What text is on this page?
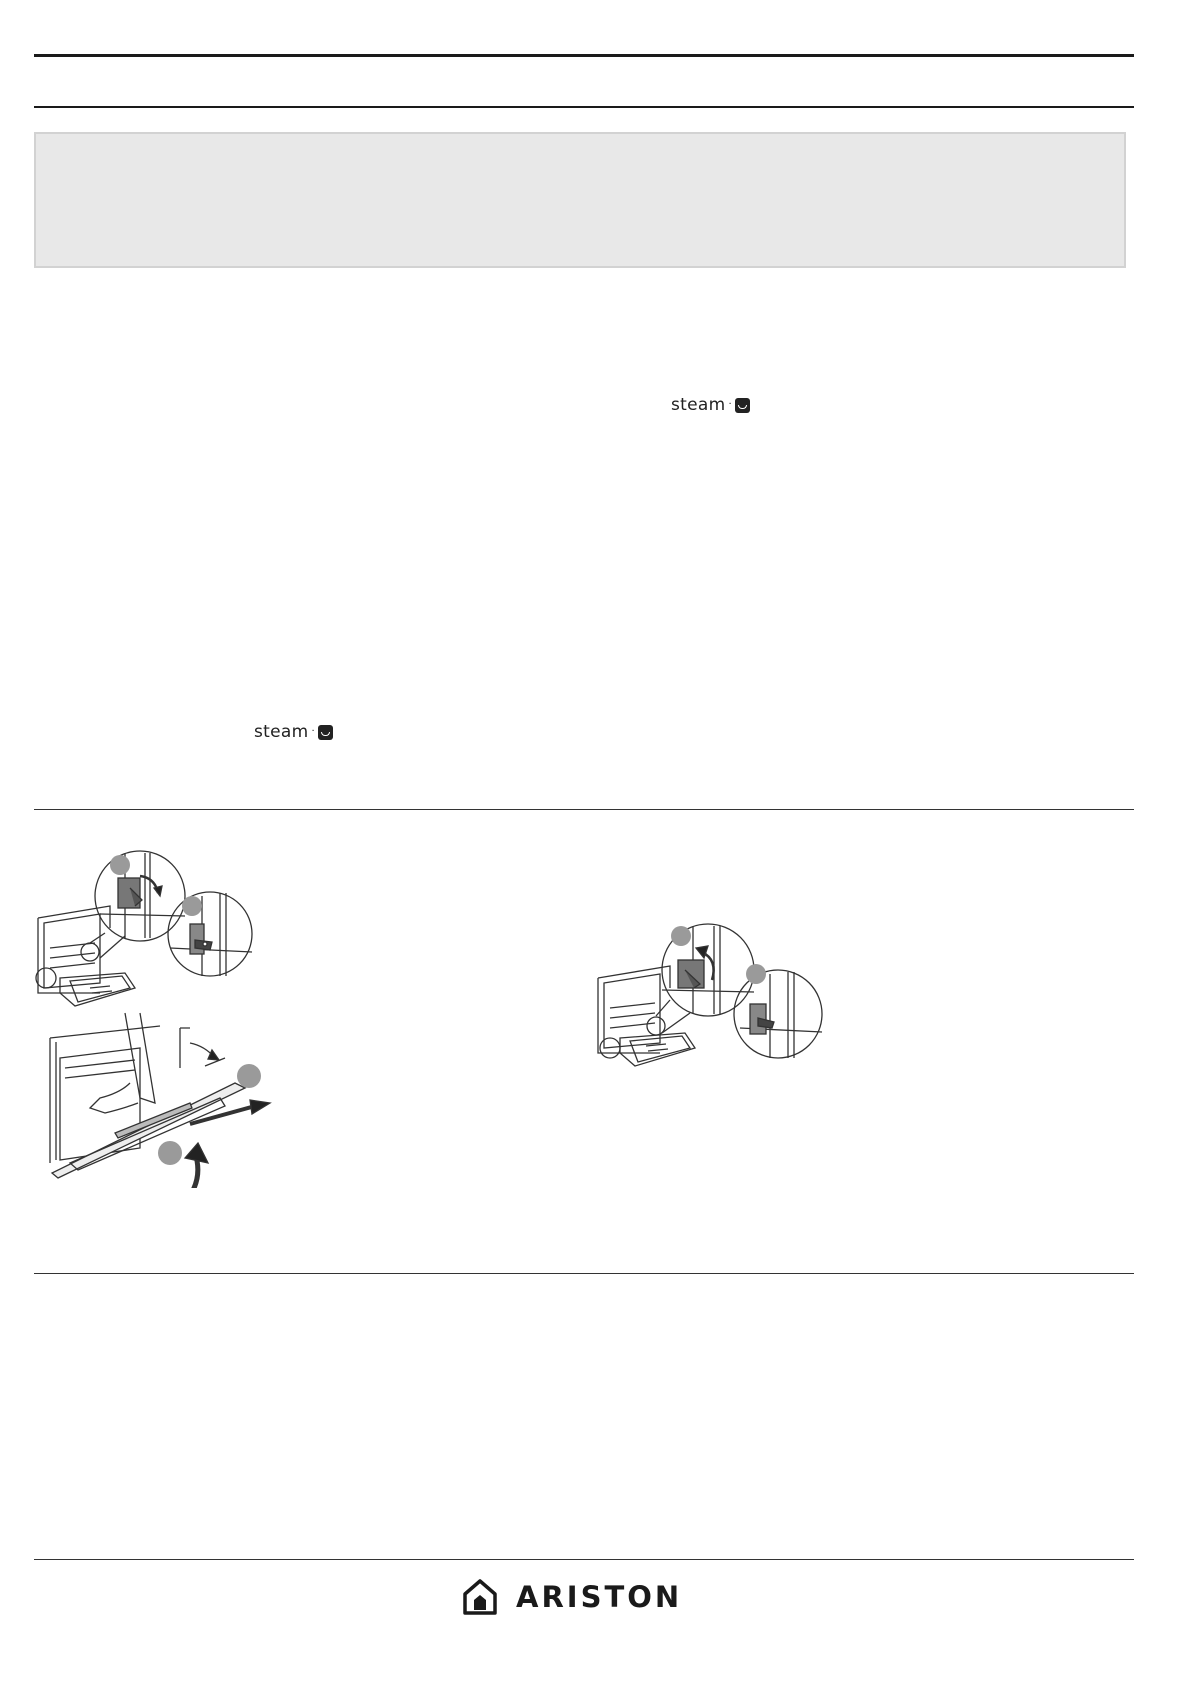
steam ·
steam ·
ARISTON
